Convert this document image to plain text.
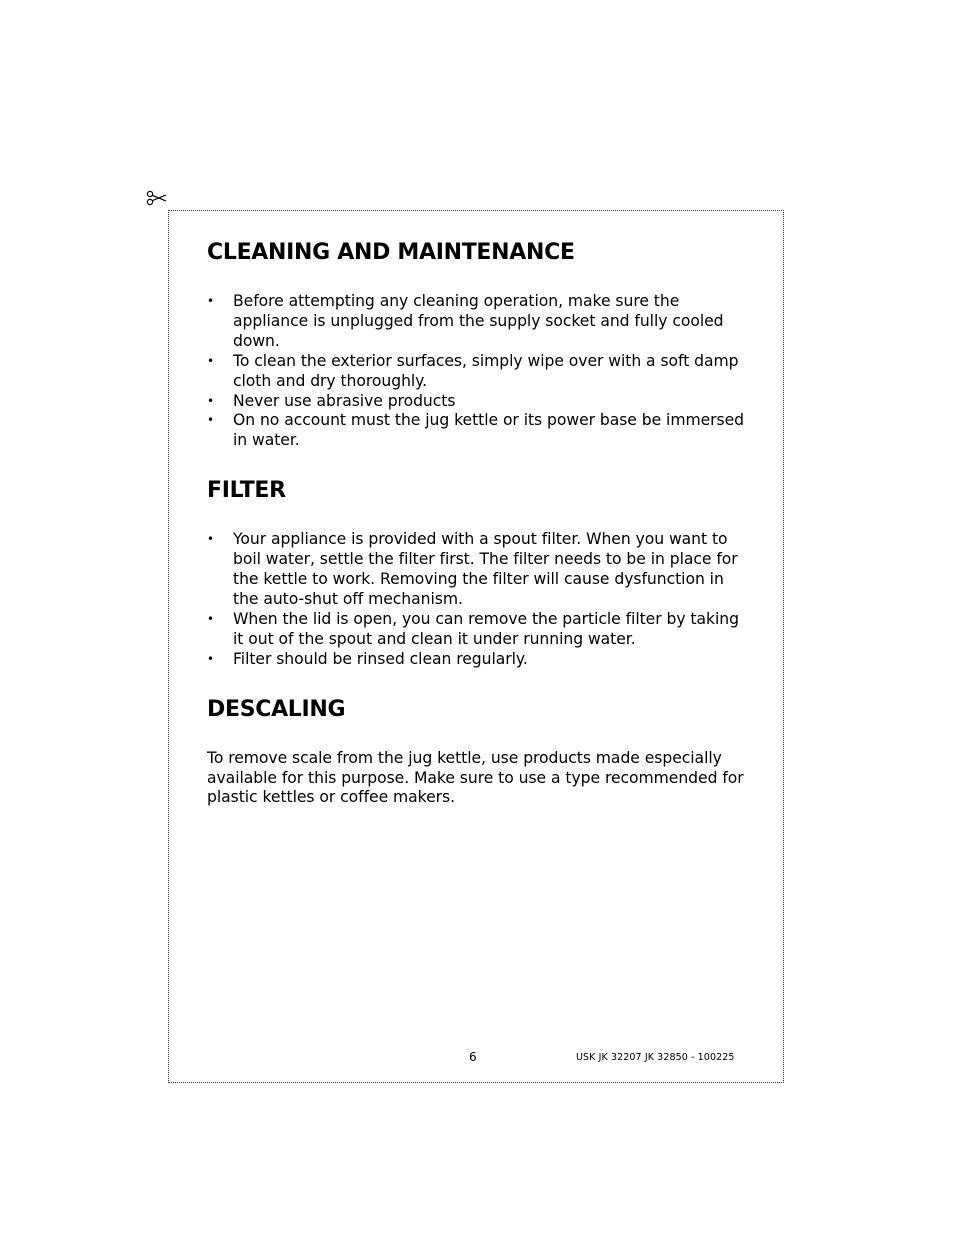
CLEANING AND MAINTENANCE
• Before attempting any cleaning operation, make sure the appliance is unplugged from the supply socket and fully cooled down.
• To clean the exterior surfaces, simply wipe over with a soft damp cloth and dry thoroughly.
• Never use abrasive products
• On no account must the jug kettle or its power base be immersed in water.
FILTER
• Your appliance is provided with a spout filter. When you want to boil water, settle the filter first. The filter needs to be in place for the kettle to work. Removing the filter will cause dysfunction in the auto-shut off mechanism.
• When the lid is open, you can remove the particle filter by taking it out of the spout and clean it under running water.
• Filter should be rinsed clean regularly.
DESCALING

To remove scale from the jug kettle, use products made especially available for this purpose. Make sure to use a type recommended for plastic kettles or coffee makers.

6	USK JK 32207 JK 32850 - 100225
